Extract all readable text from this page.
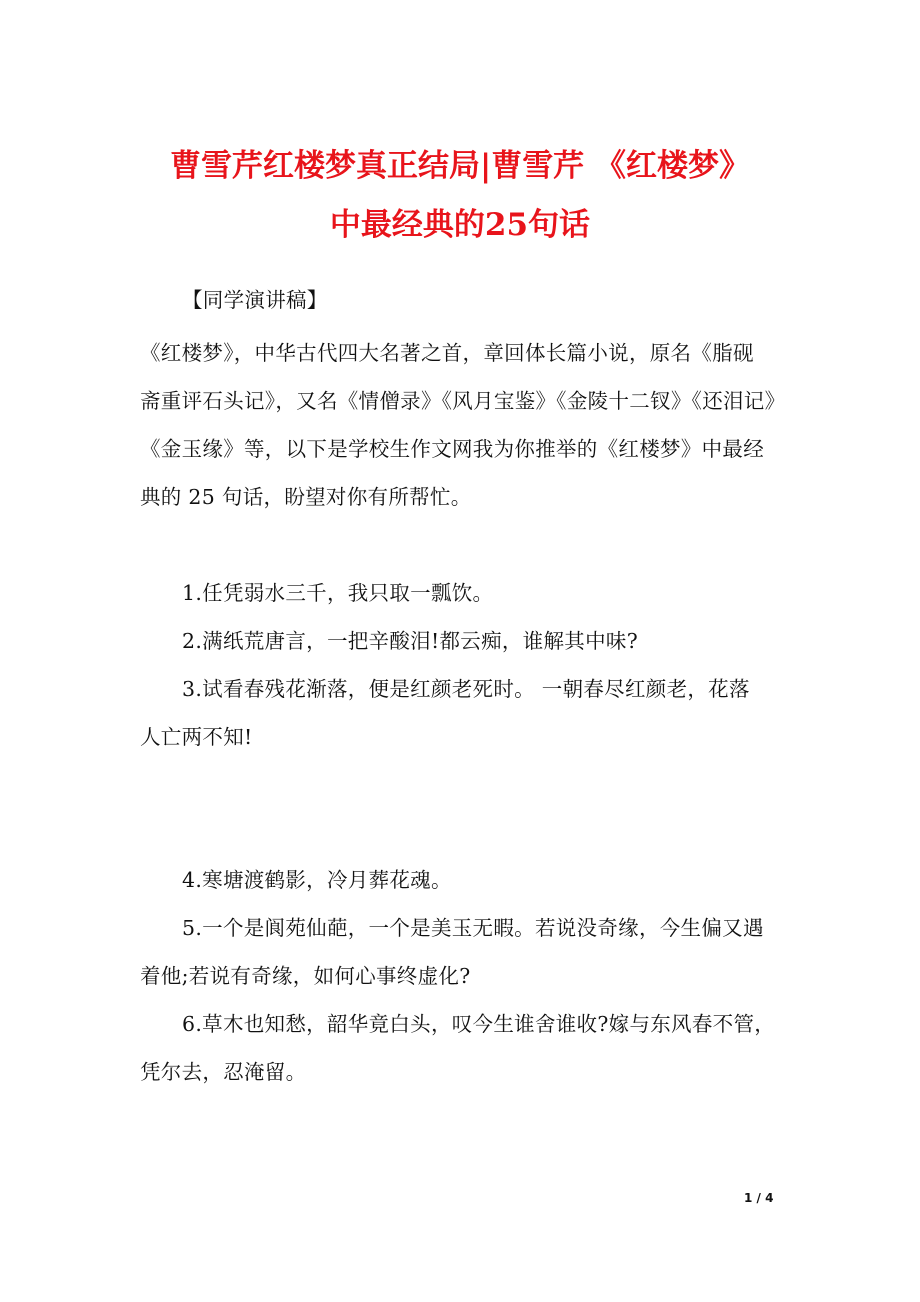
曹雪芹红楼梦真正结局|曹雪芹 《红楼梦》
中最经典的25句话
【同学演讲稿】
《红楼梦》，中华古代四大名著之首，章回体长篇小说，原名《脂砚
斋重评石头记》，又名《情僧录》《风月宝鉴》《金陵十二钗》《还泪记》
《金玉缘》等，以下是学校生作文网我为你推举的《红楼梦》中最经
典的 25 句话，盼望对你有所帮忙。
1.任凭弱水三千，我只取一瓢饮。
2.满纸荒唐言，一把辛酸泪!都云痴，谁解其中味?
3.试看春残花渐落，便是红颜老死时。 一朝春尽红颜老，花落
人亡两不知!
4.寒塘渡鹤影，冷月葬花魂。
5.一个是阆苑仙葩，一个是美玉无暇。若说没奇缘，今生偏又遇
着他;若说有奇缘，如何心事终虚化?
6.草木也知愁，韶华竟白头，叹今生谁舍谁收?嫁与东风春不管，
凭尔去，忍淹留。
1 / 4
